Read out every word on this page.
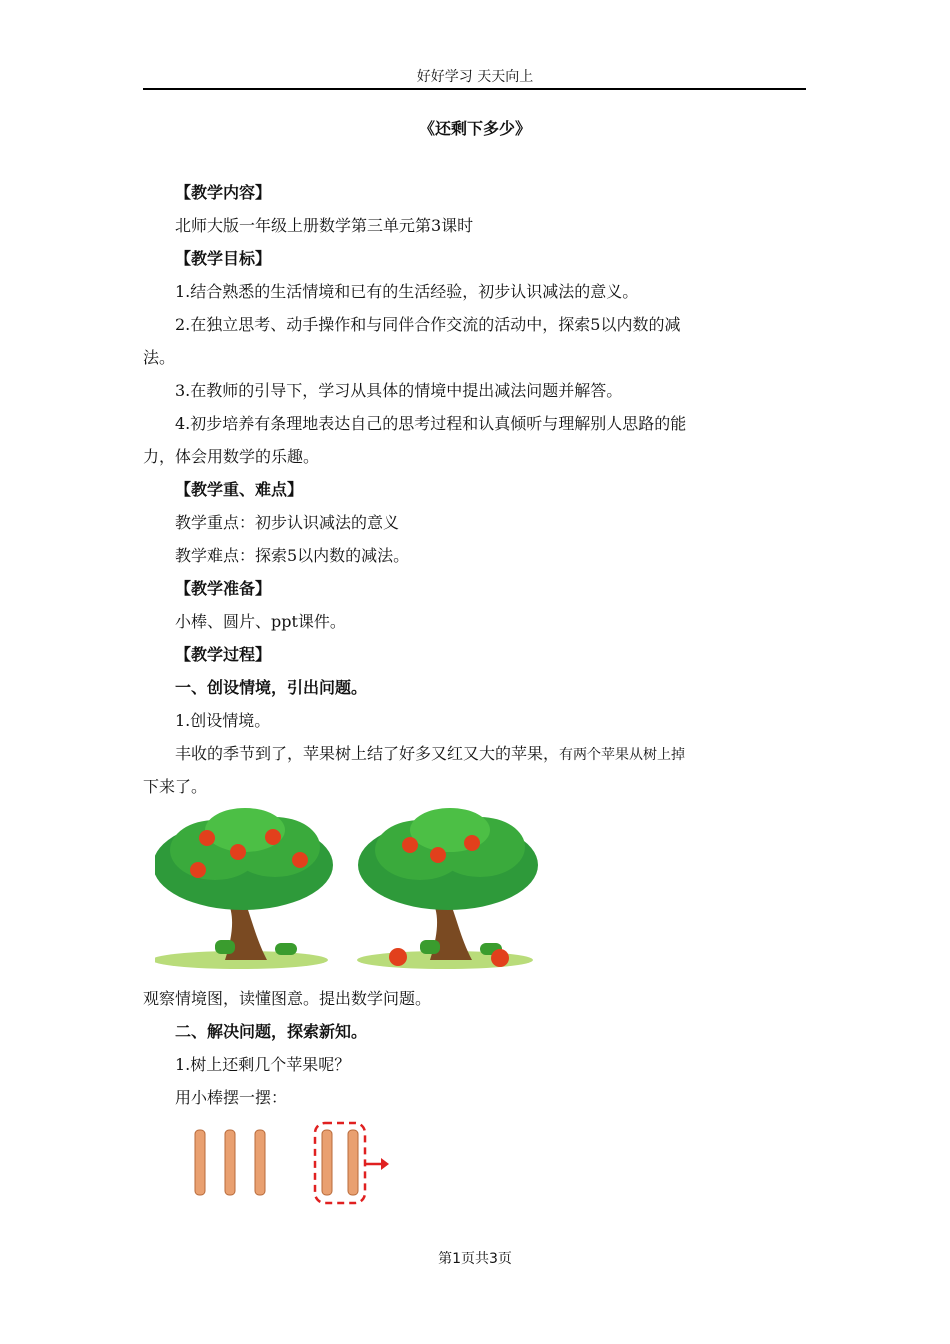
好好学习 天天向上
《还剩下多少》
【教学内容】
北师大版一年级上册数学第三单元第3课时
【教学目标】
1.结合熟悉的生活情境和已有的生活经验，初步认识减法的意义。
2.在独立思考、动手操作和与同伴合作交流的活动中，探索5以内数的减
法。
3.在教师的引导下，学习从具体的情境中提出减法问题并解答。
4.初步培养有条理地表达自己的思考过程和认真倾听与理解别人思路的能
力，体会用数学的乐趣。
【教学重、难点】
教学重点：初步认识减法的意义
教学难点：探索5以内数的减法。
【教学准备】
小棒、圆片、ppt课件。
【教学过程】
一、创设情境，引出问题。
1.创设情境。
丰收的季节到了，苹果树上结了好多又红又大的苹果，有两个苹果从树上掉
下来了。
观察情境图，读懂图意。提出数学问题。
二、解决问题，探索新知。
1.树上还剩几个苹果呢？
用小棒摆一摆：
第1页共3页
